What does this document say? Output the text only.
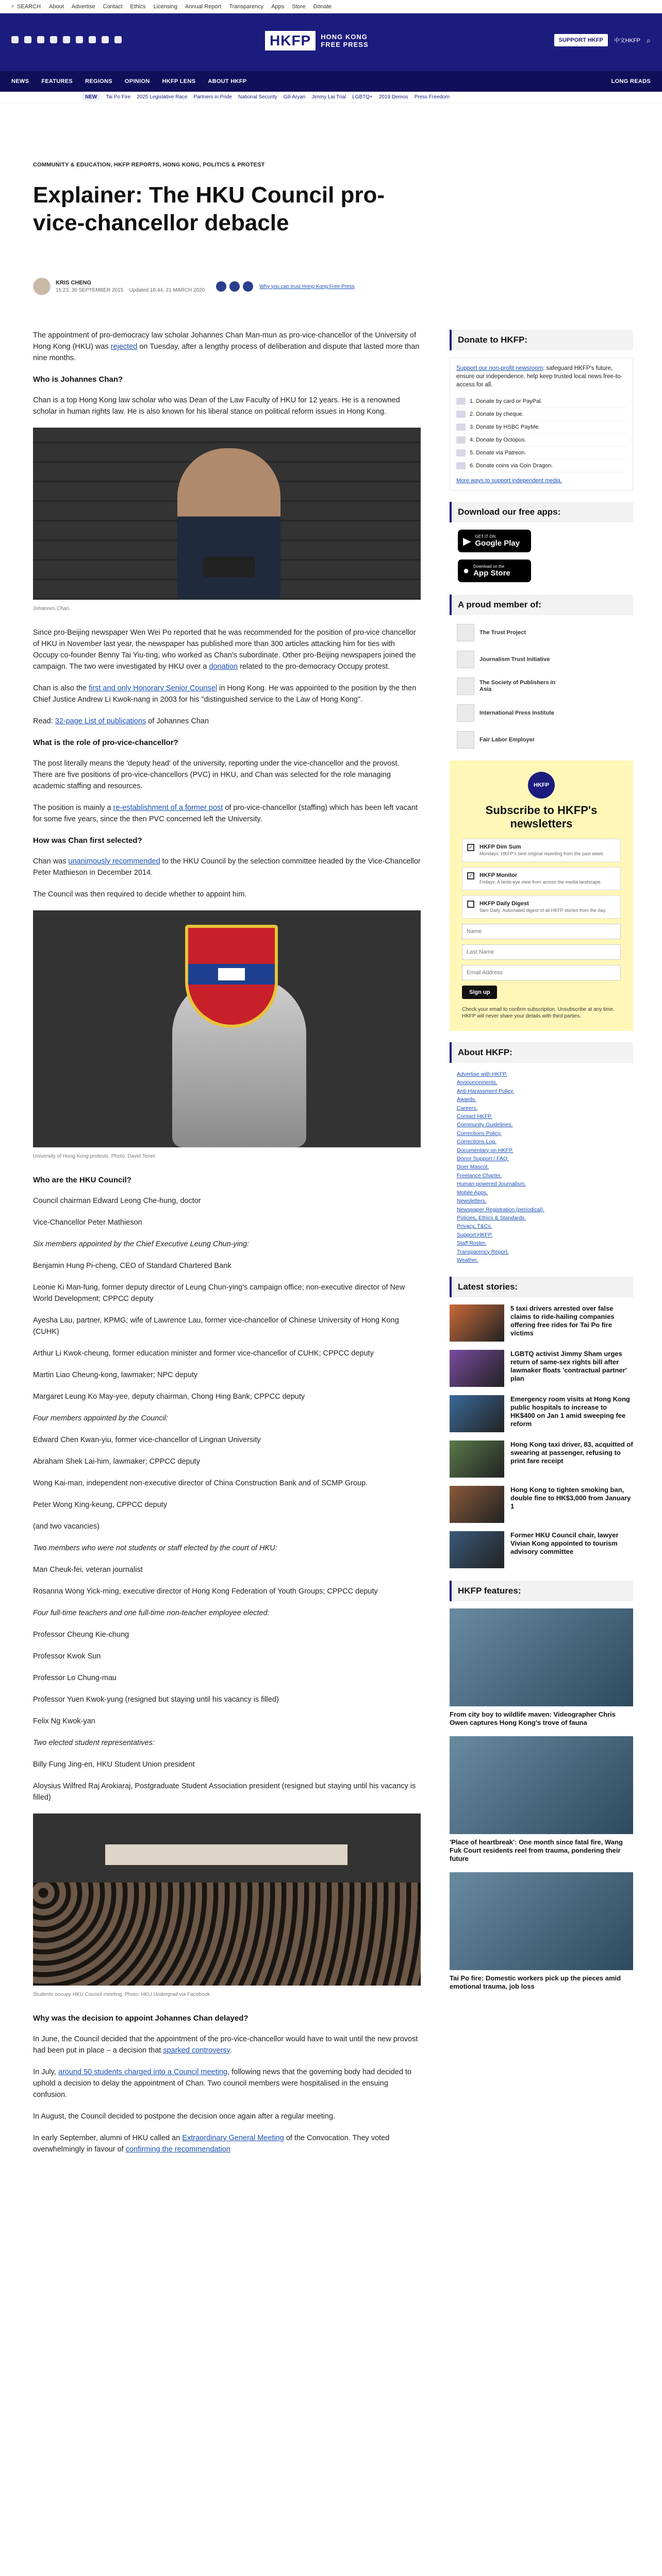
⌕ SEARCH About Advertise Contact Ethics Licensing Annual Report Transparency Apps Store Donate
HKFP	HONG KONG
FREE PRESS
SUPPORT HKFP	中文HKFP ⌕
NEWS FEATURES REGIONS OPINION HKFP LENS ABOUT HKFP	LONG READS
NEW	Tai Po Fire 2025 Legislative Race Partners in Pride National Security Gili Aryan Jimmy Lai Trial LGBTQ+ 2019 Demos Press Freedom
COMMUNITY & EDUCATION, HKFP REPORTS, HONG KONG, POLITICS & PROTEST
Explainer: The HKU Council pro-vice-chancellor debacle
KRIS CHENG
15:23, 30 SEPTEMBER 2015 Updated 18:44, 21 MARCH 2020
Why you can trust Hong Kong Free Press

The appointment of pro-democracy law scholar Johannes Chan Man-mun as pro-vice-chancellor of the University of Hong Kong (HKU) was rejected on Tuesday, after a lengthy process of deliberation and dispute that lasted more than nine months.

Who is Johannes Chan?

Chan is a top Hong Kong law scholar who was Dean of the Law Faculty of HKU for 12 years. He is a renowned scholar in human rights law. He is also known for his liberal stance on political reform issues in Hong Kong.

Johannes Chan.

Since pro-Beijing newspaper Wen Wei Po reported that he was recommended for the position of pro-vice chancellor of HKU in November last year, the newspaper has published more than 300 articles attacking him for ties with Occupy co-founder Benny Tai Yiu-ting, who worked as Chan's subordinate. Other pro-Beijing newspapers joined the campaign. The two were investigated by HKU over a donation related to the pro-democracy Occupy protest.

Chan is also the first and only Honorary Senior Counsel in Hong Kong. He was appointed to the position by the then Chief Justice Andrew Li Kwok-nang in 2003 for his "distinguished service to the Law of Hong Kong".

Read: 32-page List of publications of Johannes Chan

What is the role of pro-vice-chancellor?

The post literally means the 'deputy head' of the university, reporting under the vice-chancellor and the provost. There are five positions of pro-vice-chancellors (PVC) in HKU, and Chan was selected for the role managing academic staffing and resources.

The position is mainly a re-establishment of a former post of pro-vice-chancellor (staffing) which has been left vacant for some five years, since the then PVC concerned left the University.

How was Chan first selected?

Chan was unanimously recommended to the HKU Council by the selection committee headed by the Vice-Chancellor Peter Mathieson in December 2014.

The Council was then required to decide whether to appoint him.

University of Hong Kong protests. Photo: David Tener.
Who are the HKU Council?

Council chairman Edward Leong Che-hung, doctor

Vice-Chancellor Peter Mathieson

Six members appointed by the Chief Executive Leung Chun-ying:

Benjamin Hung Pi-cheng, CEO of Standard Chartered Bank

Leonie Ki Man-fung, former deputy director of Leung Chun-ying's campaign office; non-executive director of New World Development; CPPCC deputy

Ayesha Lau, partner, KPMG; wife of Lawrence Lau, former vice-chancellor of Chinese University of Hong Kong (CUHK)

Arthur Li Kwok-cheung, former education minister and former vice-chancellor of CUHK; CPPCC deputy

Martin Liao Cheung-kong, lawmaker; NPC deputy

Margaret Leung Ko May-yee, deputy chairman, Chong Hing Bank; CPPCC deputy

Four members appointed by the Council:

Edward Chen Kwan-yiu, former vice-chancellor of Lingnan University

Abraham Shek Lai-him, lawmaker; CPPCC deputy

Wong Kai-man, independent non-executive director of China Construction Bank and of SCMP Group.

Peter Wong King-keung, CPPCC deputy

(and two vacancies)

Two members who were not students or staff elected by the court of HKU:

Man Cheuk-fei, veteran journalist

Rosanna Wong Yick-ming, executive director of Hong Kong Federation of Youth Groups; CPPCC deputy

Four full-time teachers and one full-time non-teacher employee elected:

Professor Cheung Kie-chung

Professor Kwok Sun

Professor Lo Chung-mau

Professor Yuen Kwok-yung (resigned but staying until his vacancy is filled)

Felix Ng Kwok-yan

Two elected student representatives:

Billy Fung Jing-en, HKU Student Union president

Aloysius Wilfred Raj Arokiaraj, Postgraduate Student Association president (resigned but staying until his vacancy is filled)

Students occupy HKU Council meeting. Photo: HKU Undergrad via Facebook.
Why was the decision to appoint Johannes Chan delayed?

In June, the Council decided that the appointment of the pro-vice-chancellor would have to wait until the new provost had been put in place – a decision that sparked controversy.

In July, around 50 students charged into a Council meeting, following news that the governing body had decided to uphold a decision to delay the appointment of Chan. Two council members were hospitalised in the ensuing confusion.

In August, the Council decided to postpone the decision once again after a regular meeting.

In early September, alumni of HKU called an Extraordinary General Meeting of the Convocation. They voted overwhelmingly in favour of confirming the recommendation

Donate to HKFP:
Support our non-profit newsroom: safeguard HKFP's future, ensure our independence, help keep trusted local news free-to-access for all.
1. Donate by card or PayPal.
2. Donate by cheque.
3. Donate by HSBC PayMe.
4. Donate by Octopus.
5. Donate via Patreon.
6. Donate coins via Coin Dragon.
More ways to support independent media.
Download our free apps:
▶ GET IT ON
Google Play
● Download on the
App Store
A proud member of:
The Trust Project
Journalism Trust Initiative
The Society of Publishers in Asia
International Press Institute
Fair Labor Employer
HKFP
Subscribe to HKFP's newsletters
✓ HKFP Dim Sum
Mondays: HKFP's best original reporting from the past week.
✓ HKFP Monitor
Fridays: A birds-eye view from across the media landscape.
HKFP Daily Digest
9am Daily: Automated digest of all HKFP stories from the day.
Name Last Name Email Address
Sign up
Check your email to confirm subscription. Unsubscribe at any time. HKFP will never share your details with third parties.
About HKFP:
Advertise with HKFP.
Announcements.
Anti-Harassment Policy.
Awards.
Careers.
Contact HKFP.
Community Guidelines.
Corrections Policy.
Corrections Log.
Documentary on HKFP.
Donor Support / FAQ.
Doer Mascot.
Freelance Charter.
Human-powered Journalism.
Mobile Apps.
Newsletters.
Newspaper Registration (periodical).
Policies, Ethics & Standards.
Privacy, T&Cs.
Support HKFP.
Staff Roster.
Transparency Report.
Weather.
Latest stories:
5 taxi drivers arrested over false claims to ride-hailing companies offering free rides for Tai Po fire victims
LGBTQ activist Jimmy Sham urges return of same-sex rights bill after lawmaker floats 'contractual partner' plan
Emergency room visits at Hong Kong public hospitals to increase to HK$400 on Jan 1 amid sweeping fee reform
Hong Kong taxi driver, 83, acquitted of swearing at passenger, refusing to print fare receipt
Hong Kong to tighten smoking ban, double fine to HK$3,000 from January 1
Former HKU Council chair, lawyer Vivian Kong appointed to tourism advisory committee
HKFP features:
From city boy to wildlife maven: Videographer Chris Owen captures Hong Kong's trove of fauna
'Place of heartbreak': One month since fatal fire, Wang Fuk Court residents reel from trauma, pondering their future
Tai Po fire: Domestic workers pick up the pieces amid emotional trauma, job loss
